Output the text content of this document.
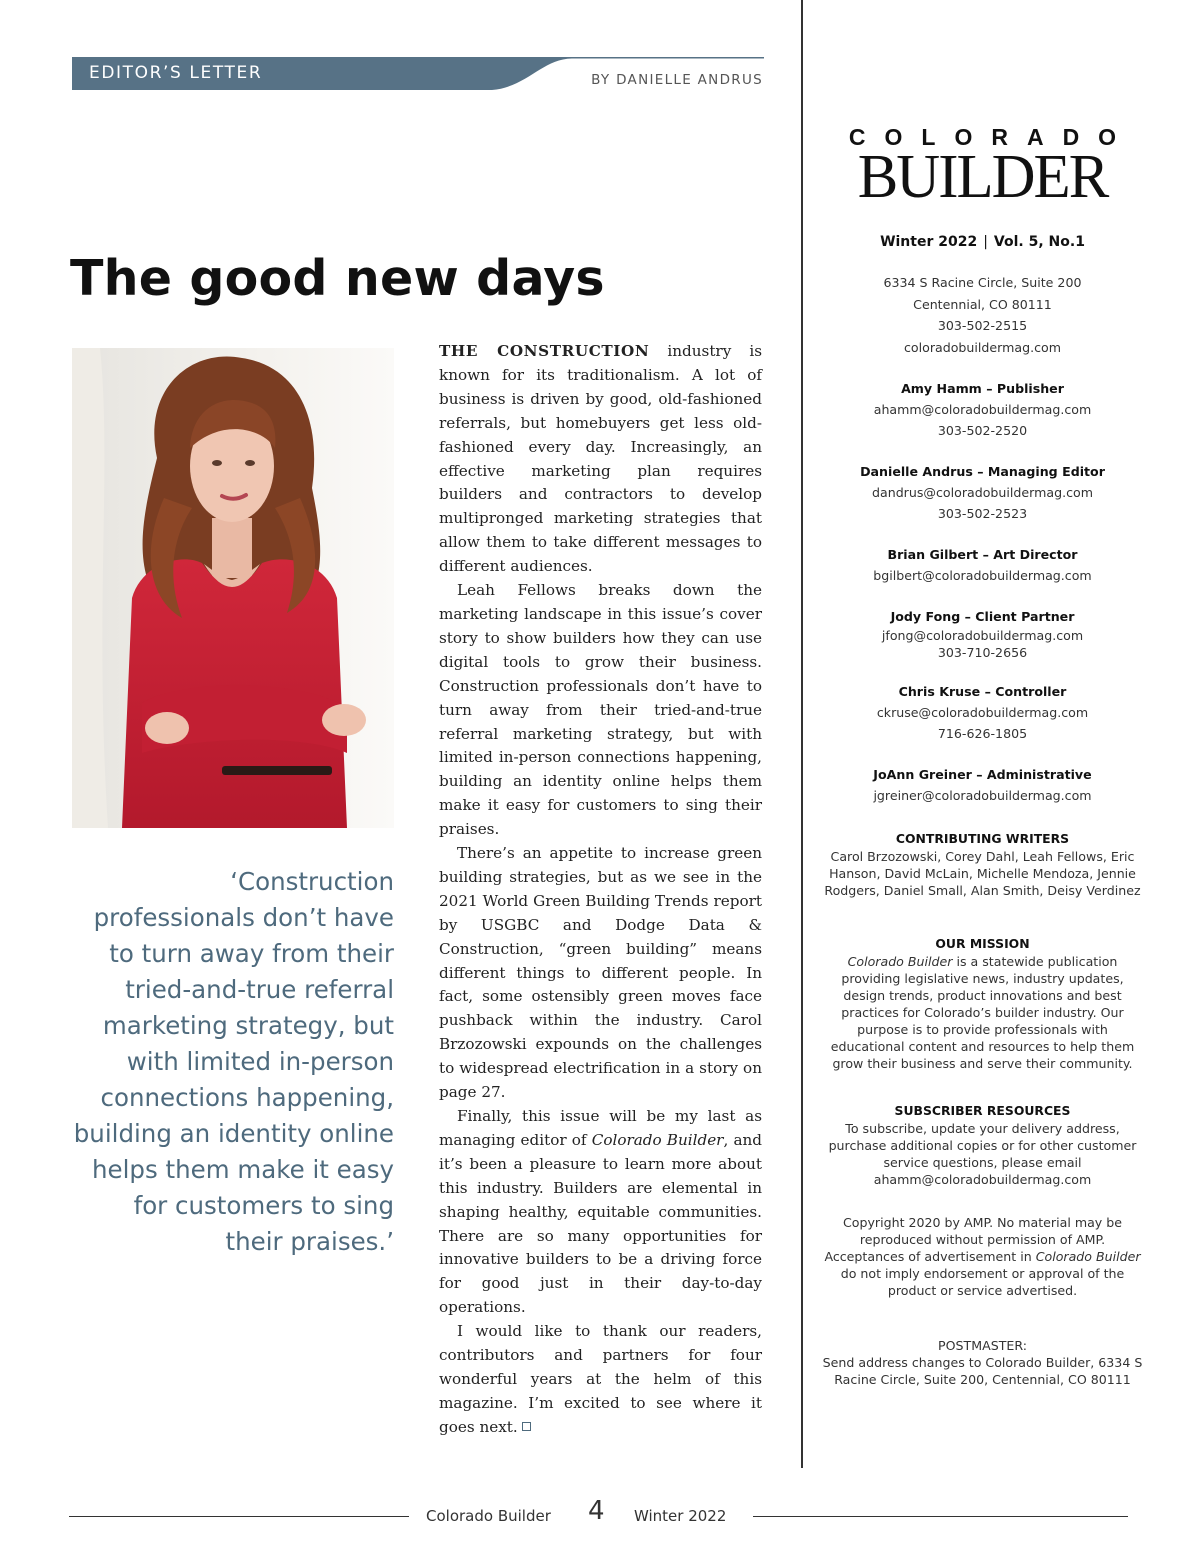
EDITOR’S LETTER	BY DANIELLE ANDRUS
The good new days

‘Construction professionals don’t have to turn away from their tried-and-true referral marketing strategy, but with limited in-person connections happening, building an identity online helps them make it easy for customers to sing their praises.’

THE CONSTRUCTION industry is known for its traditionalism. A lot of business is driven by good, old-fashioned referrals, but homebuyers get less old-fashioned every day. Increasingly, an effective marketing plan requires builders and contractors to develop multipronged marketing strategies that allow them to take different messages to different audiences.

Leah Fellows breaks down the marketing landscape in this issue’s cover story to show builders how they can use digital tools to grow their business. Construction professionals don’t have to turn away from their tried-and-true referral marketing strategy, but with limited in-person connections happening, building an identity online helps them make it easy for customers to sing their praises.

There’s an appetite to increase green building strategies, but as we see in the 2021 World Green Building Trends report by USGBC and Dodge Data & Construction, “green building” means different things to different people. In fact, some ostensibly green moves face pushback within the industry. Carol Brzozowski expounds on the challenges to widespread electrification in a story on page 27.

Finally, this issue will be my last as managing editor of Colorado Builder, and it’s been a pleasure to learn more about this industry. Builders are elemental in shaping healthy, equitable communities. There are so many opportunities for innovative builders to be a driving force for good just in their day-to-day operations.

I would like to thank our readers, contributors and partners for four wonderful years at the helm of this magazine. I’m excited to see where it goes next.

COLORADO
BUILDER
Winter 2022 | Vol. 5, No.1
6334 S Racine Circle, Suite 200
Centennial, CO 80111
303-502-2515
coloradobuildermag.com
Amy Hamm – Publisher
ahamm@coloradobuildermag.com
303-502-2520
Danielle Andrus – Managing Editor
dandrus@coloradobuildermag.com
303-502-2523
Brian Gilbert – Art Director
bgilbert@coloradobuildermag.com
Jody Fong – Client Partner
jfong@coloradobuildermag.com
303-710-2656
Chris Kruse – Controller
ckruse@coloradobuildermag.com
716-626-1805
JoAnn Greiner – Administrative
jgreiner@coloradobuildermag.com
CONTRIBUTING WRITERS
Carol Brzozowski, Corey Dahl, Leah Fellows, Eric Hanson, David McLain, Michelle Mendoza, Jennie Rodgers, Daniel Small, Alan Smith, Deisy Verdinez
OUR MISSION
Colorado Builder is a statewide publication providing legislative news, industry updates, design trends, product innovations and best practices for Colorado’s builder industry. Our purpose is to provide professionals with educational content and resources to help them grow their business and serve their community.
SUBSCRIBER RESOURCES
To subscribe, update your delivery address, purchase additional copies or for other customer service questions, please email ahamm@coloradobuildermag.com
Copyright 2020 by AMP. No material may be reproduced without permission of AMP. Acceptances of advertisement in Colorado Builder do not imply endorsement or approval of the product or service advertised.
POSTMASTER:
Send address changes to Colorado Builder, 6334 S Racine Circle, Suite 200, Centennial, CO 80111
Colorado Builder 4 Winter 2022
